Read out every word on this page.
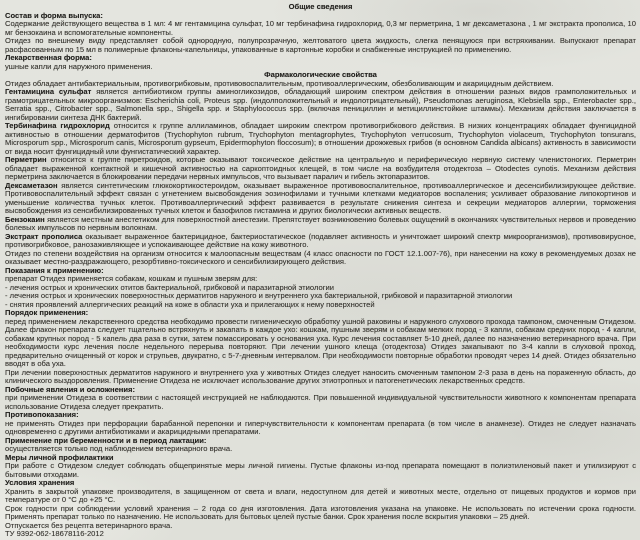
Общие сведения
Состав и форма выпуска:
Содержание действующего вещества в 1 мл: 4 мг гентамицина сульфат, 10 мг тербинафина гидрохлорид, 0,3 мг перметрина, 1 мг дексаметазона , 1 мг экстракта прополиса, 10 мг бензокаина и вспомогательные компоненты.
Отидез по внешнему виду представляет собой однородную, полупрозрачную, желтоватого цвета жидкость, слегка пенящуюся при встряхивании. Выпускают препарат расфасованным по 15 мл в полимерные флаконы-капельницы, упакованные в картонные коробки и снабженные инструкцией по применению.
Лекарственная форма:
ушные капли для наружного применения.
Фармакологические свойства
Отидез обладает антибактериальным, противогрибковым, противовоспалительным, противоаллергическим, обезболивающим и акарицидным действием.
Гентамицина сульфат является антибиотиком группы аминогликозидов, обладающий широким спектром действия в отношении разных видов грамположительных и грамотрицательных микроорганизмов: Escherichia coli, Proteus spp. (индолположительный и индолотрицательный), Pseudomonas aeruginosa, Klebsiella spp., Enterobacter spp., Serratia spp., Citrobacter spp., Salmonella spp., Shigella spp. и Staphylococcus spp. (включая пенициллин и метициллинстойкие штаммы). Механизм действия заключается в ингибировании синтеза ДНК бактерий.
Тербинафина гидрохлорид относится к группе аллиламинов, обладает широким спектром противогрибкового действия. В низких концентрациях обладает фунгицидной активностью в отношении дерматофитов (Trychophyton rubrum, Trychophyton mentagrophytes, Trychophyton verrucosum, Trychophyton violaceum, Trychophyton tonsurans, Microsporum spp., Microsporum canis, Microsporum gypseum, Epidermophyton floccosum); в отношении дрожжевых грибов (в основном Candida albicans) активность в зависимости от вида носит фунгицидный или фунгистатический характер.
Перметрин относится к группе пиретроидов, которые оказывают токсическое действие на центральную и периферическую нервную систему членистоногих. Перметрин обладает выраженной контактной и кишечной активностью на саркоптоидных клещей, в том числе на возбудителя отодектоза – Otodectes cynotis. Механизм действия перметрина заключается в блокировании передачи нервных импульсов, что вызывает паралич и гибель эктопаразитов.
Дексаметазон является синтетическим глюкокортикостероидом, оказывает выраженное противовоспалительное, противоаллергическое и десенсибилизирующее действие. Противовоспалительный эффект связан с угнетением высвобождения эозинофилами и тучными клетками медиаторов воспаления; усиливает образование липокортинов и уменьшение количества тучных клеток. Противоаллергический эффект развивается в результате снижения синтеза и секреции медиаторов аллергии, торможения высвобождения из сенсибилизированных тучных клеток и базофилов гистамина и других биологически активных веществ.
Бензокаин является местным анестетиком для поверхностной анестезии. Препятствует возникновению болевых ощущений в окончаниях чувствительных нервов и проведению болевых импульсов по нервным волокнам.
Экстракт прополиса оказывает выраженное бактерицидное, бактериостатическое (подавляет активность и уничтожает широкий спектр микроорганизмов), противовирусное, противогрибковое, ранозаживляющее и успокаивающее действие на кожу животного.
Отидез по степени воздействия на организм относится к малоопасным веществам (4 класс опасности по ГОСТ 12.1.007-76), при нанесении на кожу в рекомендуемых дозах не оказывает местно-раздражающего, резорбтивно-токсического и сенсибилизирующего действия.
Показания к применению:
препарат Отидез применяется собакам, кошкам и пушным зверям для:
- лечения острых и хронических отитов бактериальной, грибковой и паразитарной этиологии
- лечения острых и хронических поверхностных дерматитов наружного и внутреннего уха бактериальной, грибковой и паразитарной этиологии
- снятия проявлений аллергических реакций на коже в области уха и прилегающих к нему поверхностей
Порядок применения:
перед применением лекарственного средства необходимо провести гигиеническую обработку ушной раковины и наружного слухового прохода тампоном, смоченным Отидезом. Далее флакон препарата следует тщательно встряхнуть и закапать в каждое ухо: кошкам, пушным зверям и собакам мелких пород - 3 капли, собакам средних пород - 4 капли, собакам крупных пород - 5 капель два раза в сутки, затем помассировать у основания уха. Курс лечения составляет 5-10 дней, далее по назначению ветеринарного врача. При необходимости курс лечения после недельного перерыва повторяют. При лечении ушного клеща (отодектоза) Отидез закапывают по 3-4 капли в слуховой проход, предварительно очищенный от корок и струпьев, двукратно, с 5-7-дневным интервалом. При необходимости повторные обработки проводят через 14 дней. Отидез обязательно вводят в оба уха.
При лечении поверхностных дерматитов наружного и внутреннего уха у животных Отидез следует наносить смоченным тампоном 2-3 раза в день на пораженную область, до клинического выздоровления. Применение Отидеза не исключает использование других этиотропных и патогенетических лекарственных средств.
Побочные явления и осложнения:
при применении Отидеза в соответствии с настоящей инструкцией не наблюдаются. При повышенной индивидуальной чувствительности животного к компонентам препарата использование Отидеза следует прекратить.
Противопоказания:
не применять Отидез при перфорации барабанной перепонки и гиперчувствительности к компонентам препарата (в том числе в анамнезе). Отидез не следует назначать одновременно с другими антибиотиками и акарицидными препаратами.
Применение при беременности и в период лактации:
осуществляется только под наблюдением ветеринарного врача.
Меры личной профилактики
При работе с Отидезом следует соблюдать общепринятые меры личной гигиены. Пустые флаконы из-под препарата помещают в полиэтиленовый пакет и утилизируют с бытовыми отходами.
Условия хранения
Хранить в закрытой упаковке производителя, в защищенном от света и влаги, недоступном для детей и животных месте, отдельно от пищевых продуктов и кормов при температуре от 0 °С до +25 °С.
Срок годности при соблюдении условий хранения – 2 года со дня изготовления. Дата изготовления указана на упаковке. Не использовать по истечении срока годности. Применять препарат только по назначению. Не использовать для бытовых целей пустые банки. Срок хранения после вскрытия упаковки – 25 дней.
Отпускается без рецепта ветеринарного врача.
ТУ 9392-062-18678116-2012
